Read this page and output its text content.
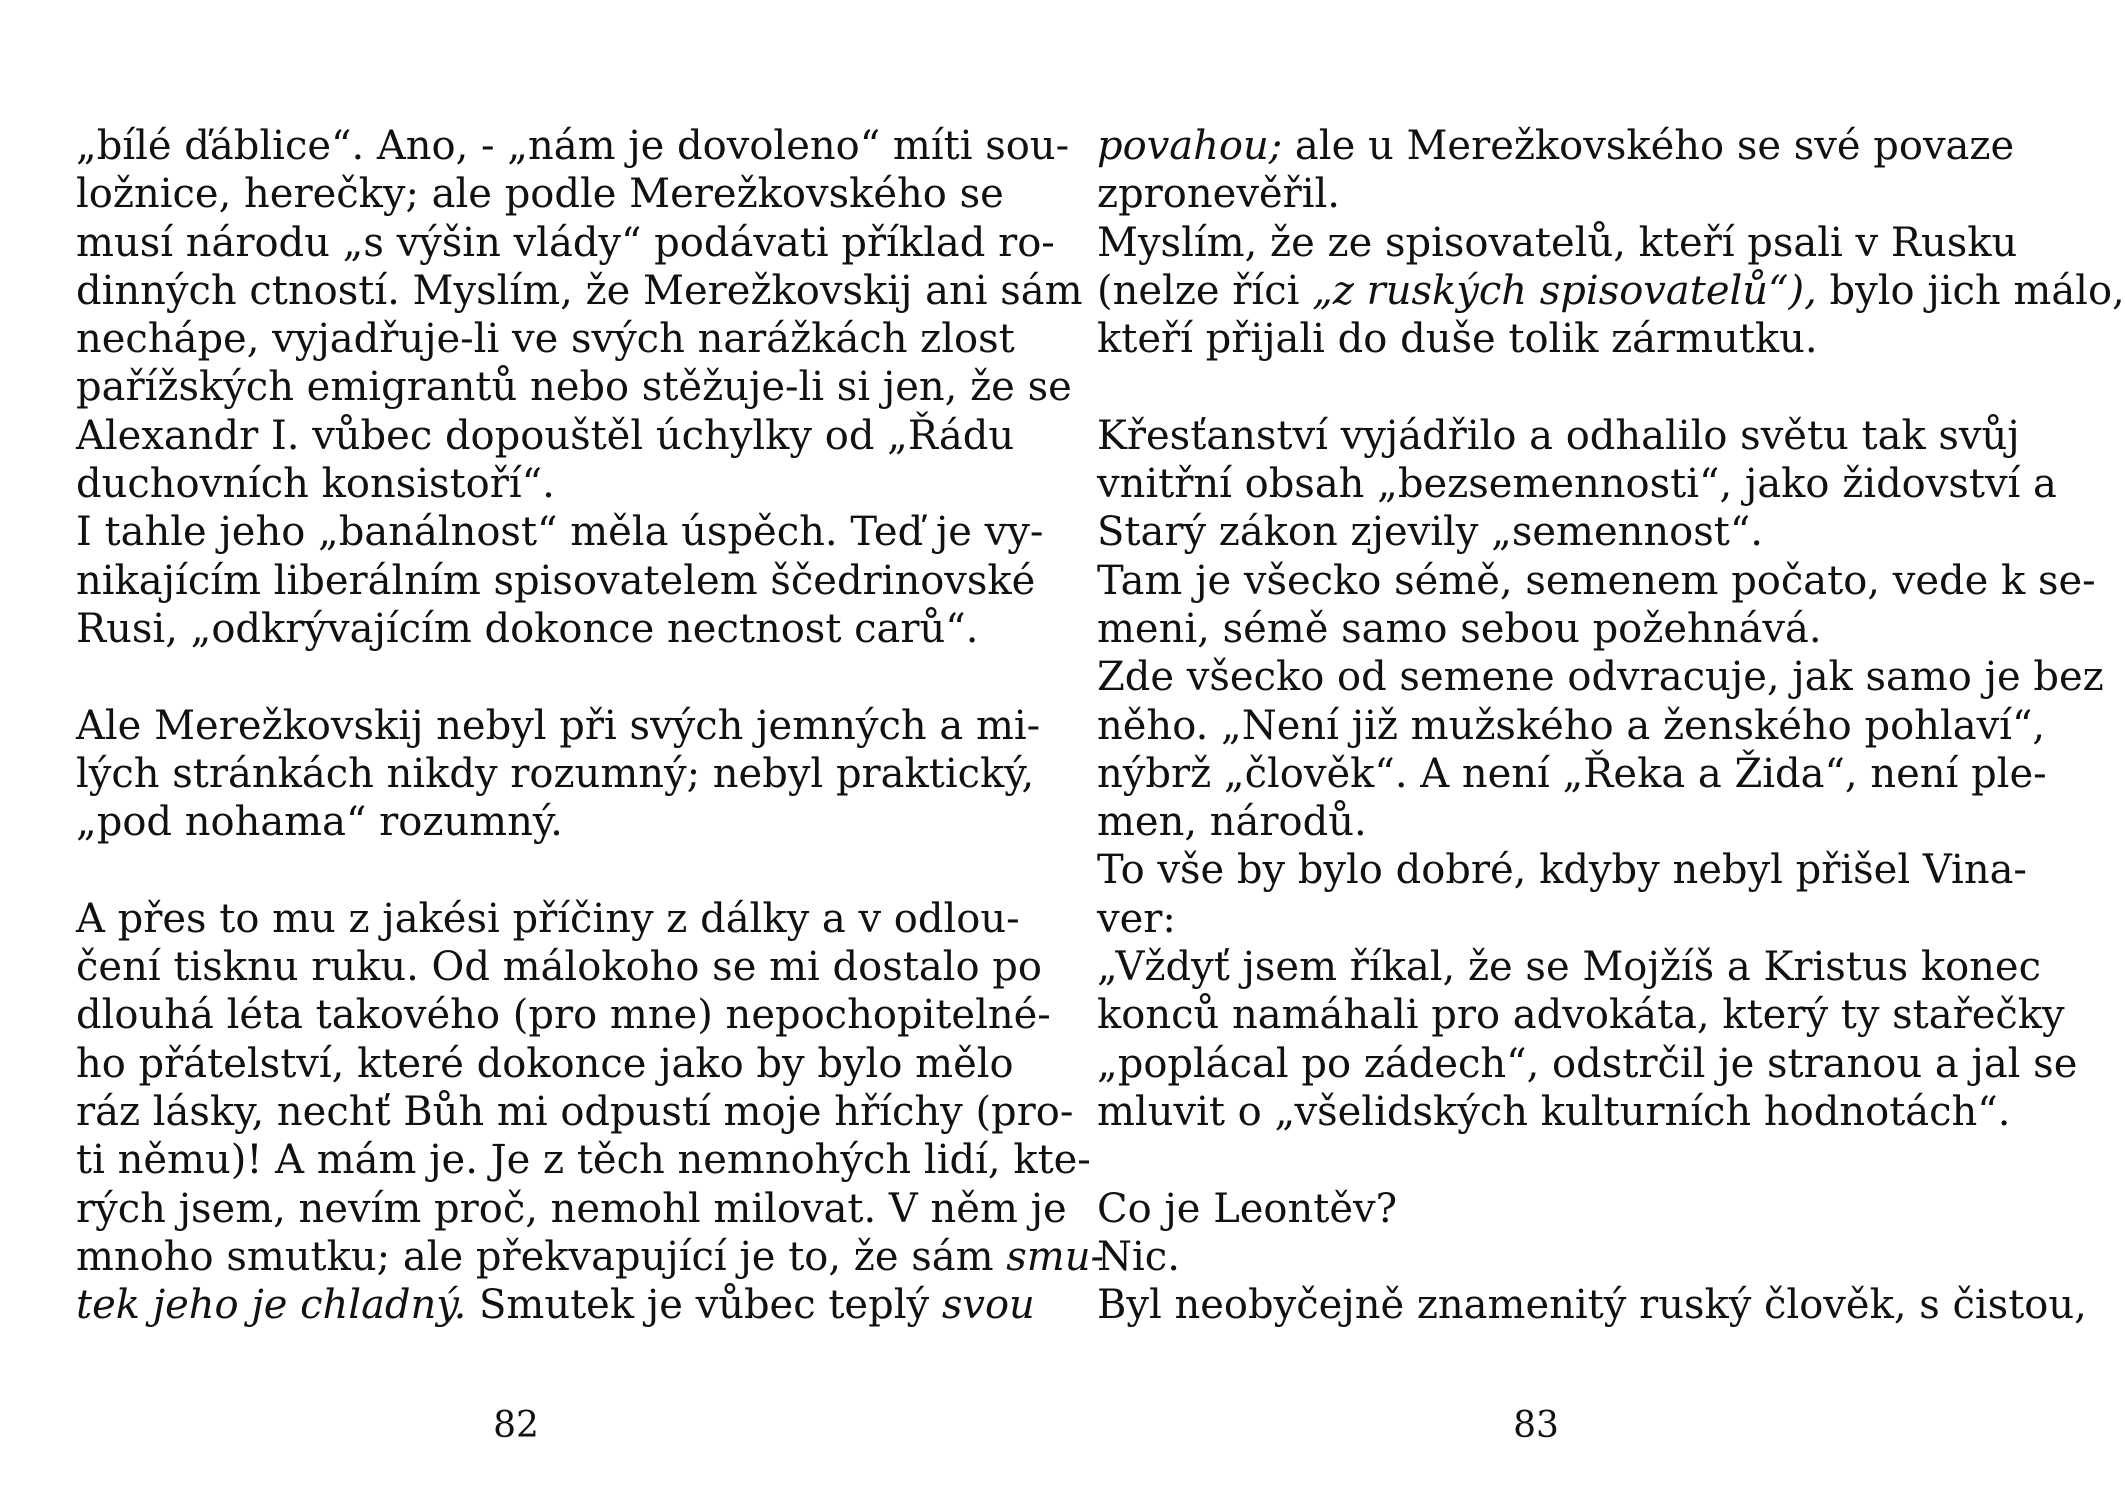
„bílé ďáblice“. Ano, - „nám je dovoleno“ míti sou-
ložnice, herečky; ale podle Merežkovského se
musí národu „s výšin vlády“ podávati příklad ro-
dinných ctností. Myslím, že Merežkovskij ani sám
nechápe, vyjadřuje-li ve svých narážkách zlost
pařížských emigrantů nebo stěžuje-li si jen, že se
Alexandr I. vůbec dopouštěl úchylky od „Řádu
duchovních konsistoří“.
I tahle jeho „banálnost“ měla úspěch. Teď je vy-
nikajícím liberálním spisovatelem ščedrinovské
Rusi, „odkrývajícím dokonce nectnost carů“.
Ale Merežkovskij nebyl při svých jemných a mi-
lých stránkách nikdy rozumný; nebyl praktický,
„pod nohama“ rozumný.
A přes to mu z jakési příčiny z dálky a v odlou-
čení tisknu ruku. Od málokoho se mi dostalo po
dlouhá léta takového (pro mne) nepochopitelné-
ho přátelství, které dokonce jako by bylo mělo
ráz lásky, nechť Bůh mi odpustí moje hříchy (pro-
ti němu)! A mám je. Je z těch nemnohých lidí, kte-
rých jsem, nevím proč, nemohl milovat. V něm je
mnoho smutku; ale překvapující je to, že sám smu-
tek jeho je chladný. Smutek je vůbec teplý svou
povahou; ale u Merežkovského se své povaze
zpronevěřil.
Myslím, že ze spisovatelů, kteří psali v Rusku
(nelze říci „z ruských spisovatelů“), bylo jich málo,
kteří přijali do duše tolik zármutku.
Křesťanství vyjádřilo a odhalilo světu tak svůj
vnitřní obsah „bezsemennosti“, jako židovství a
Starý zákon zjevily „semennost“.
Tam je všecko sémě, semenem počato, vede k se-
meni, sémě samo sebou požehnává.
Zde všecko od semene odvracuje, jak samo je bez
něho. „Není již mužského a ženského pohlaví“,
nýbrž „člověk“. A není „Řeka a Žida“, není ple-
men, národů.
To vše by bylo dobré, kdyby nebyl přišel Vina-
ver:
„Vždyť jsem říkal, že se Mojžíš a Kristus konec
konců namáhali pro advokáta, který ty stařečky
„poplácal po zádech“, odstrčil je stranou a jal se
mluvit o „všelidských kulturních hodnotách“.
Co je Leontěv?
Nic.
Byl neobyčejně znamenitý ruský člověk, s čistou,
82	83
